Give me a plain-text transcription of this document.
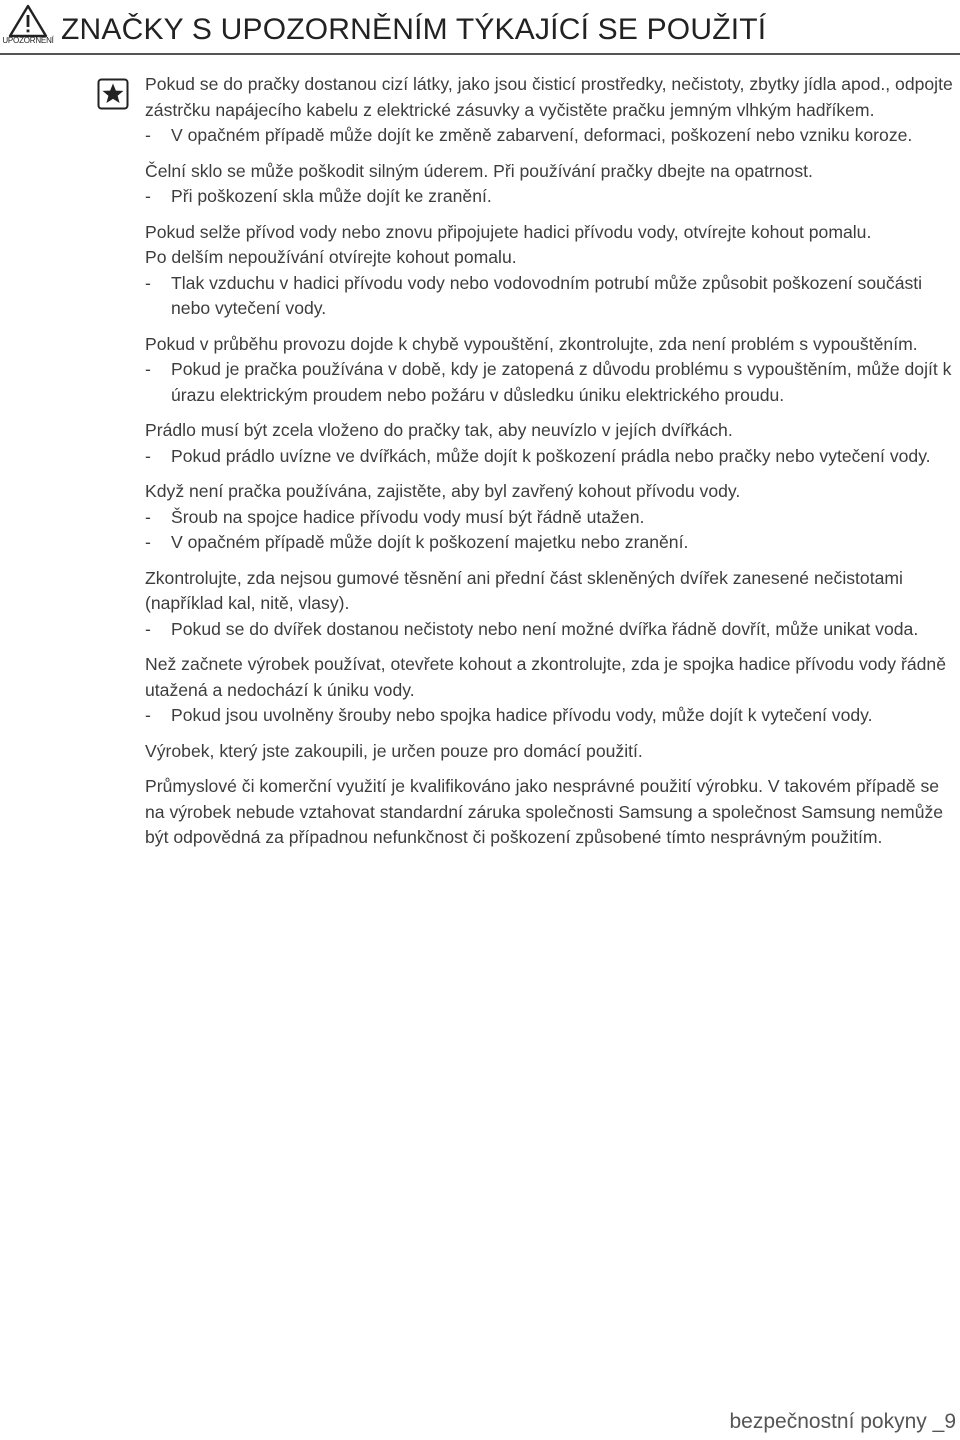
UPOZORNĚNÍ ZNAČKY S UPOZORNĚNÍM TÝKAJÍCÍ SE POUŽITÍ

Pokud se do pračky dostanou cizí látky, jako jsou čisticí prostředky, nečistoty, zbytky jídla apod., odpojte zástrčku napájecího kabelu z elektrické zásuvky a vyčistěte pračku jemným vlhkým hadříkem.

- V opačném případě může dojít ke změně zabarvení, deformaci, poškození nebo vzniku koroze.

Čelní sklo se může poškodit silným úderem. Při používání pračky dbejte na opatrnost.

- Při poškození skla může dojít ke zranění.

Pokud selže přívod vody nebo znovu připojujete hadici přívodu vody, otvírejte kohout pomalu.

Po delším nepoužívání otvírejte kohout pomalu.

- Tlak vzduchu v hadici přívodu vody nebo vodovodním potrubí může způsobit poškození součásti nebo vytečení vody.

Pokud v průběhu provozu dojde k chybě vypouštění, zkontrolujte, zda není problém s vypouštěním.

- Pokud je pračka používána v době, kdy je zatopená z důvodu problému s vypouštěním, může dojít k úrazu elektrickým proudem nebo požáru v důsledku úniku elektrického proudu.

Prádlo musí být zcela vloženo do pračky tak, aby neuvízlo v jejích dvířkách.

- Pokud prádlo uvízne ve dvířkách, může dojít k poškození prádla nebo pračky nebo vytečení vody.

Když není pračka používána, zajistěte, aby byl zavřený kohout přívodu vody.

- Šroub na spojce hadice přívodu vody musí být řádně utažen.
- V opačném případě může dojít k poškození majetku nebo zranění.

Zkontrolujte, zda nejsou gumové těsnění ani přední část skleněných dvířek zanesené nečistotami (například kal, nitě, vlasy).

- Pokud se do dvířek dostanou nečistoty nebo není možné dvířka řádně dovřít, může unikat voda.

Než začnete výrobek používat, otevřete kohout a zkontrolujte, zda je spojka hadice přívodu vody řádně utažená a nedochází k úniku vody.

- Pokud jsou uvolněny šrouby nebo spojka hadice přívodu vody, může dojít k vytečení vody.

Výrobek, který jste zakoupili, je určen pouze pro domácí použití.

Průmyslové či komerční využití je kvalifikováno jako nesprávné použití výrobku. V takovém případě se na výrobek nebude vztahovat standardní záruka společnosti Samsung a společnost Samsung nemůže být odpovědná za případnou nefunkčnost či poškození způsobené tímto nesprávným použitím.

bezpečnostní pokyny _9
